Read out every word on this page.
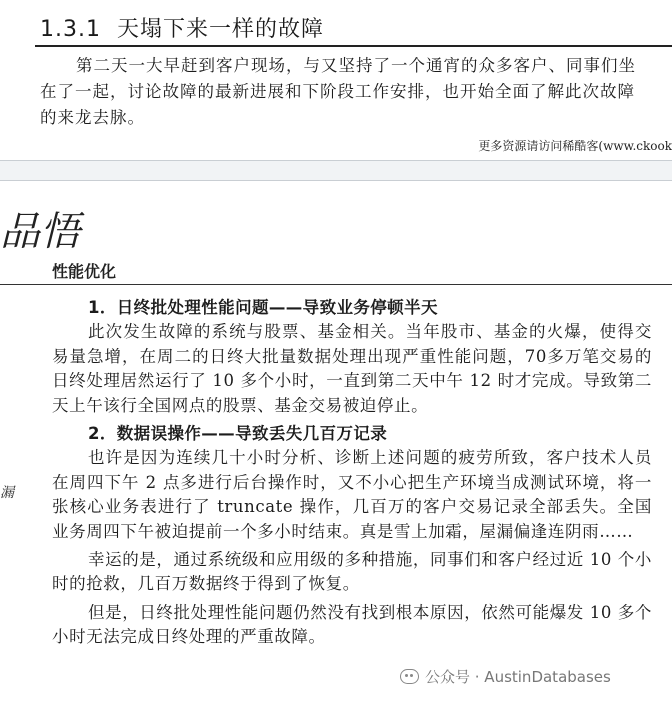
1.3.1 天塌下来一样的故障
第二天一大早赶到客户现场，与又坚持了一个通宵的众多客户、同事们坐在了一起，讨论故障的最新进展和下阶段工作安排，也开始全面了解此次故障的来龙去脉。
更多资源请访问稀酷客(www.ckook
品悟
性能优化
漏

1．日终批处理性能问题——导致业务停顿半天

此次发生故障的系统与股票、基金相关。当年股市、基金的火爆，使得交易量急增，在周二的日终大批量数据处理出现严重性能问题，70多万笔交易的日终处理居然运行了 10 多个小时，一直到第二天中午 12 时才完成。导致第二天上午该行全国网点的股票、基金交易被迫停止。

2．数据误操作——导致丢失几百万记录

也许是因为连续几十小时分析、诊断上述问题的疲劳所致，客户技术人员在周四下午 2 点多进行后台操作时，又不小心把生产环境当成测试环境，将一张核心业务表进行了 truncate 操作，几百万的客户交易记录全部丢失。全国业务周四下午被迫提前一个多小时结束。真是雪上加霜，屋漏偏逢连阴雨……

幸运的是，通过系统级和应用级的多种措施，同事们和客户经过近 10 个小时的抢救，几百万数据终于得到了恢复。

但是，日终批处理性能问题仍然没有找到根本原因，依然可能爆发 10 多个小时无法完成日终处理的严重故障。

公众号 · AustinDatabases
